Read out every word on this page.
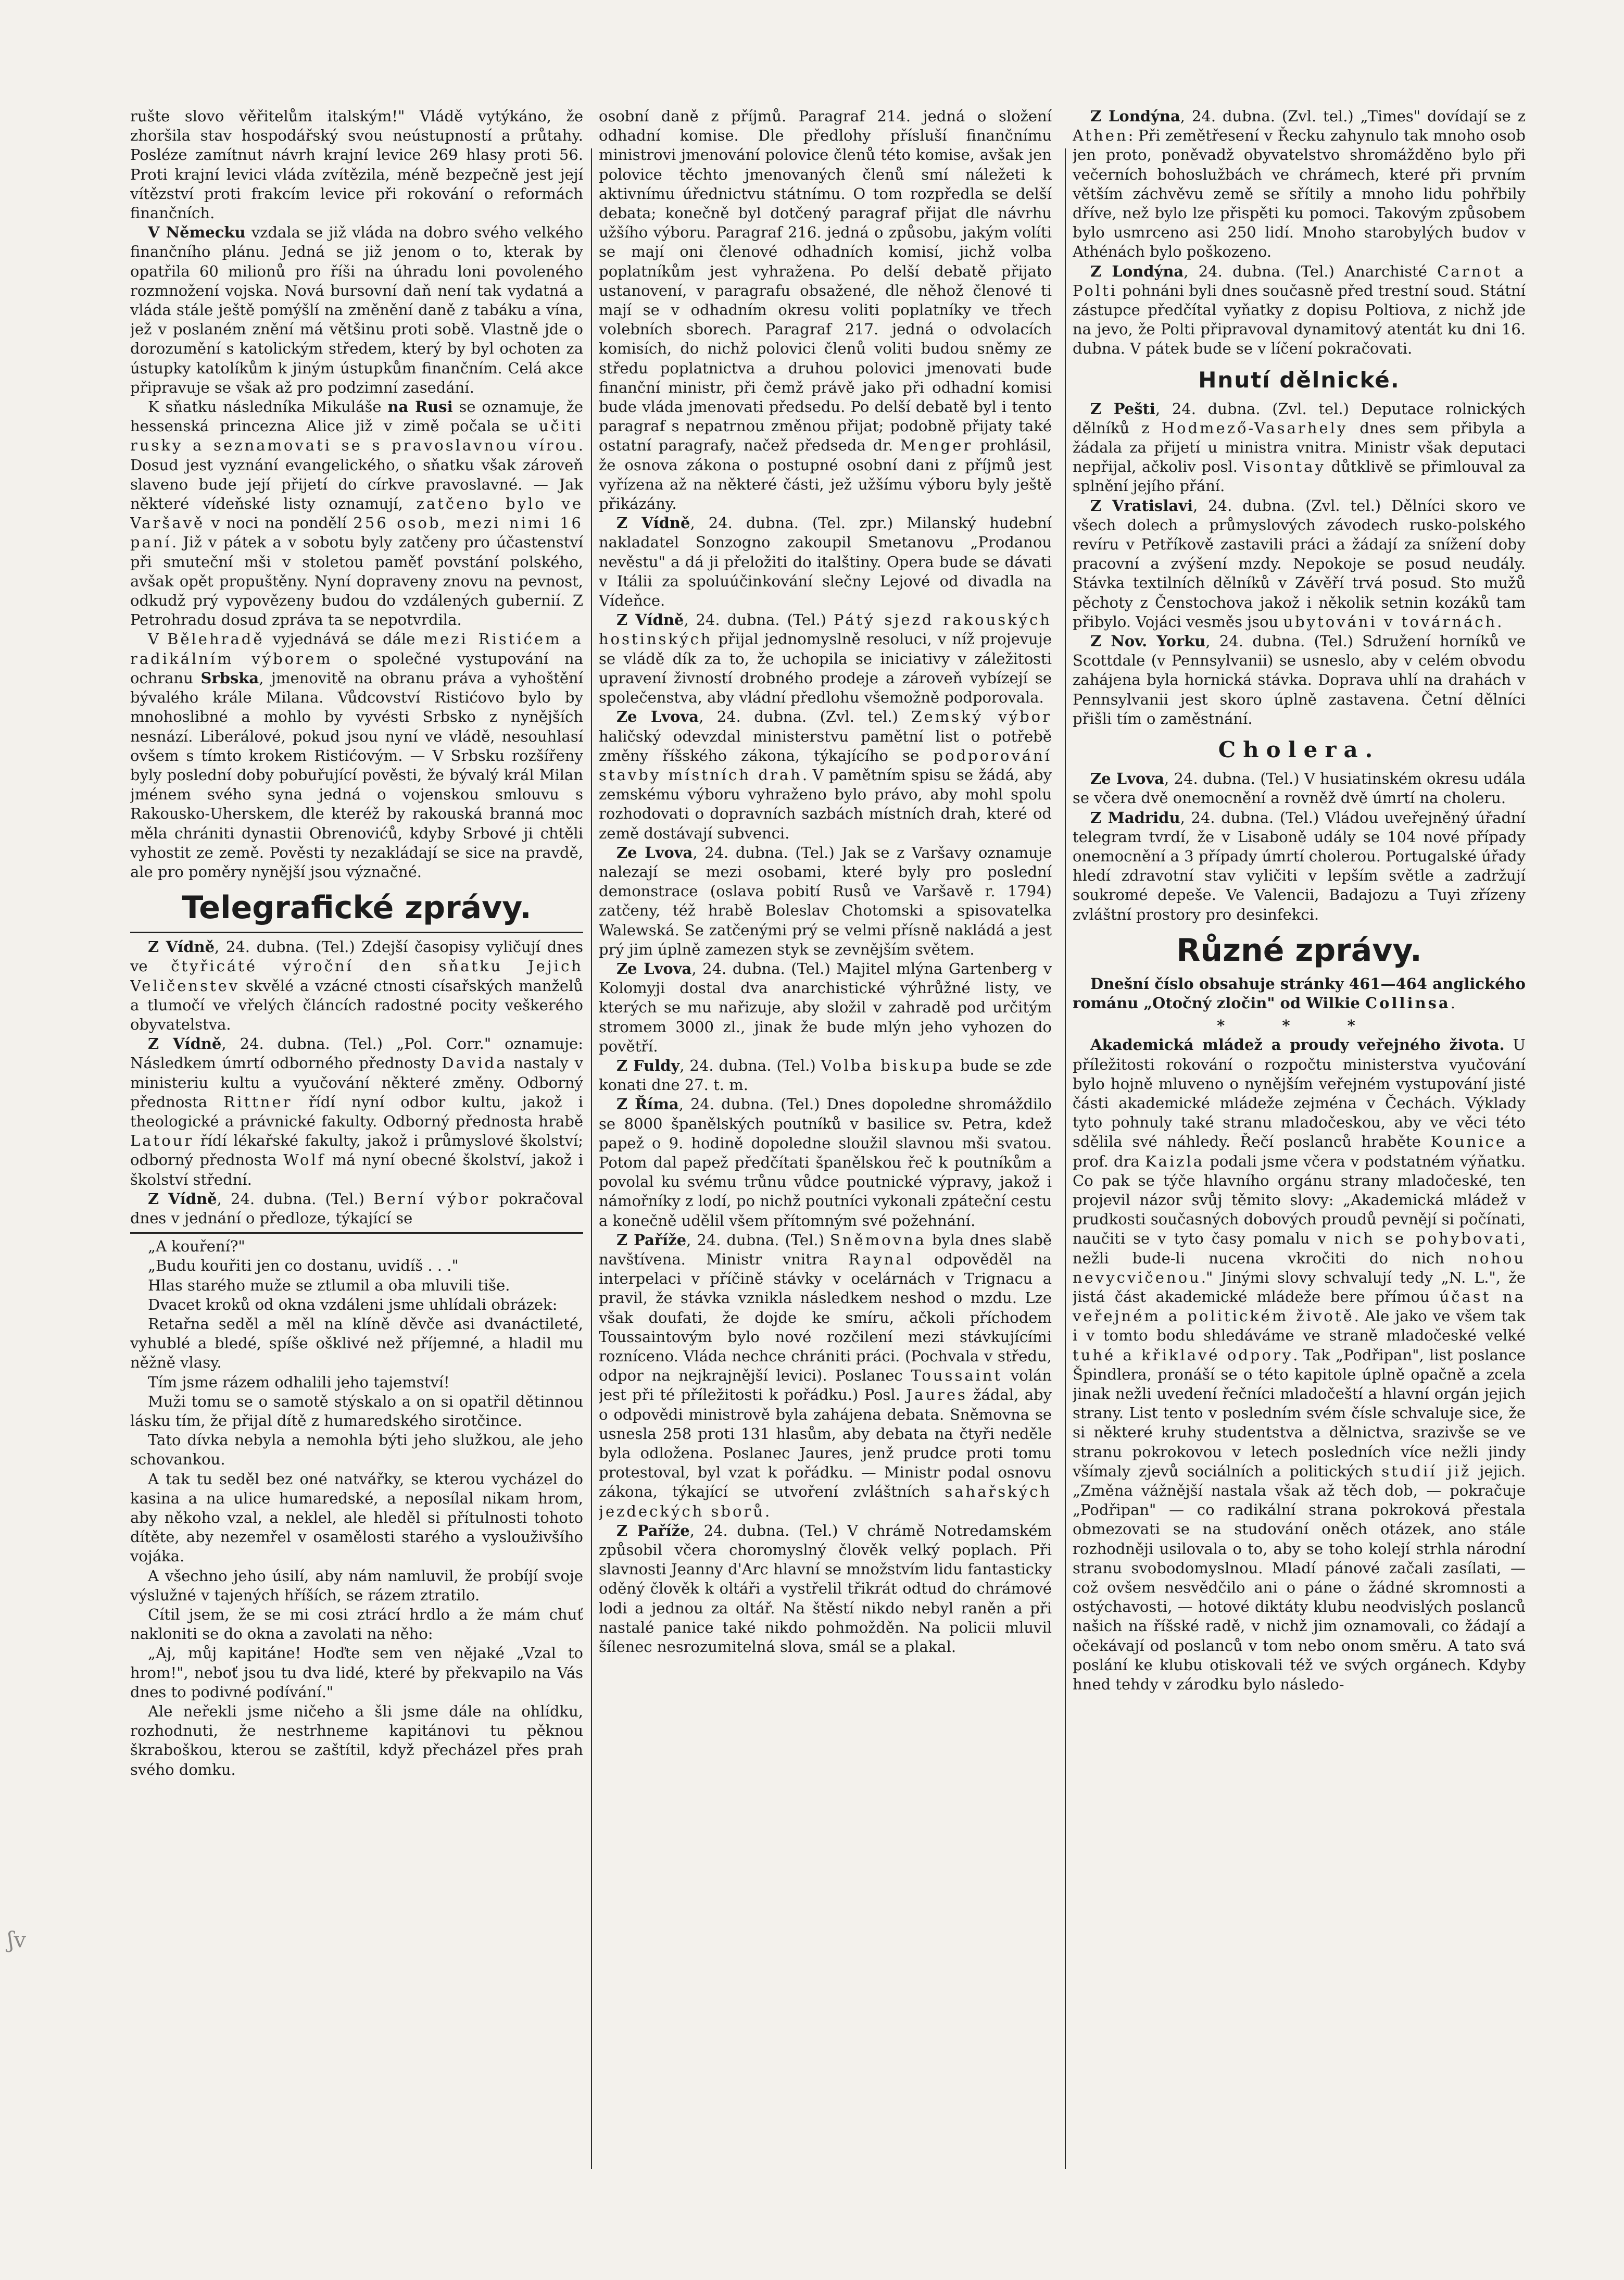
rušte slovo věřitelům italským!" Vládě vytýkáno, že zhoršila stav hospodářský svou neústupností a průtahy. Posléze zamítnut návrh krajní levice 269 hlasy proti 56. Proti krajní levici vláda zvítězila, méně bezpečně jest její vítězství proti frakcím levice při rokování o reformách finančních.

V Německu vzdala se již vláda na dobro svého velkého finančního plánu. Jedná se již jenom o to, kterak by opatřila 60 milionů pro říši na úhradu loni povoleného rozmnožení vojska. Nová bursovní daň není tak vydatná a vláda stále ještě pomýšlí na změnění daně z tabáku a vína, jež v poslaném znění má většinu proti sobě. Vlastně jde o dorozumění s katolickým středem, který by byl ochoten za ústupky katolíkům k jiným ústupkům finančním. Celá akce připravuje se však až pro podzimní zasedání.

K sňatku následníka Mikuláše na Rusi se oznamuje, že hessenská princezna Alice již v zimě počala se učiti rusky a seznamovati se s pravoslavnou vírou. Dosud jest vyznání evangelického, o sňatku však zároveň slaveno bude její přijetí do církve pravoslavné. — Jak některé vídeňské listy oznamují, zatčeno bylo ve Varšavě v noci na pondělí 256 osob, mezi nimi 16 paní. Již v pátek a v sobotu byly zatčeny pro účastenství při smuteční mši v stoletou paměť povstání polského, avšak opět propuštěny. Nyní dopraveny znovu na pevnost, odkudž prý vypovězeny budou do vzdálených gubernií. Z Petrohradu dosud zpráva ta se nepotvrdila.

V Bělehradě vyjednává se dále mezi Ristićem a radikálním výborem o společné vystupování na ochranu Srbska, jmenovitě na obranu práva a vyhoštění bývalého krále Milana. Vůdcovství Ristićovo bylo by mnohoslibné a mohlo by vyvésti Srbsko z nynějších nesnází. Liberálové, pokud jsou nyní ve vládě, nesouhlasí ovšem s tímto krokem Ristićovým. — V Srbsku rozšířeny byly poslední doby pobuřující pověsti, že bývalý král Milan jménem svého syna jedná o vojenskou smlouvu s Rakousko-Uherskem, dle kteréž by rakouská branná moc měla chrániti dynastii Obrenovićů, kdyby Srbové ji chtěli vyhostit ze země. Pověsti ty nezakládají se sice na pravdě, ale pro poměry nynější jsou význačné.

Telegrafické zprávy.

Z Vídně, 24. dubna. (Tel.) Zdejší časopisy vyličují dnes ve čtyřicáté výroční den sňatku Jejich Veličenstev skvělé a vzácné ctnosti císařských manželů a tlumočí ve vřelých článcích radostné pocity veškerého obyvatelstva.

Z Vídně, 24. dubna. (Tel.) „Pol. Corr." oznamuje: Následkem úmrtí odborného přednosty Davida nastaly v ministeriu kultu a vyučování některé změny. Odborný přednosta Rittner řídí nyní odbor kultu, jakož i theologické a právnické fakulty. Odborný přednosta hrabě Latour řídí lékařské fakulty, jakož i průmyslové školství; odborný přednosta Wolf má nyní obecné školství, jakož i školství střední.

Z Vídně, 24. dubna. (Tel.) Berní výbor pokračoval dnes v jednání o předloze, týkající se

„A kouření?"

„Budu kouřiti jen co dostanu, uvidíš . . ."

Hlas starého muže se ztlumil a oba mluvili tiše.

Dvacet kroků od okna vzdáleni jsme uhlídali obrázek:

Retařna seděl a měl na klíně děvče asi dvanáctileté, vyhublé a bledé, spíše ošklivé než příjemné, a hladil mu něžně vlasy.

Tím jsme rázem odhalili jeho tajemství!

Muži tomu se o samotě stýskalo a on si opatřil dětinnou lásku tím, že přijal dítě z humaredského sirotčince.

Tato dívka nebyla a nemohla býti jeho služkou, ale jeho schovankou.

A tak tu seděl bez oné natvářky, se kterou vycházel do kasina a na ulice humaredské, a neposílal nikam hrom, aby někoho vzal, a neklel, ale hleděl si přítulnosti tohoto dítěte, aby nezemřel v osamělosti starého a vyslouživšího vojáka.

A všechno jeho úsilí, aby nám namluvil, že probíjí svoje výslužné v tajených hříších, se rázem ztratilo.

Cítil jsem, že se mi cosi ztrácí hrdlo a že mám chuť nakloniti se do okna a zavolati na něho:

„Aj, můj kapitáne! Hoďte sem ven nějaké „Vzal to hrom!", neboť jsou tu dva lidé, které by překvapilo na Vás dnes to podivné podívání."

Ale neřekli jsme ničeho a šli jsme dále na ohlídku, rozhodnuti, že nestrhneme kapitánovi tu pěknou škraboškou, kterou se zaštítil, když přecházel přes prah svého domku.

osobní daně z příjmů. Paragraf 214. jedná o složení odhadní komise. Dle předlohy přísluší finančnímu ministrovi jmenování polovice členů této komise, avšak jen polovice těchto jmenovaných členů smí náležeti k aktivnímu úřednictvu státnímu. O tom rozpředla se delší debata; konečně byl dotčený paragraf přijat dle návrhu užšího výboru. Paragraf 216. jedná o způsobu, jakým volíti se mají oni členové odhadních komisí, jichž volba poplatníkům jest vyhražena. Po delší debatě přijato ustanovení, v paragrafu obsažené, dle něhož členové ti mají se v odhadním okresu voliti poplatníky ve třech volebních sborech. Paragraf 217. jedná o odvolacích komisích, do nichž polovici členů voliti budou sněmy ze středu poplatnictva a druhou polovici jmenovati bude finanční ministr, při čemž právě jako při odhadní komisi bude vláda jmenovati předsedu. Po delší debatě byl i tento paragraf s nepatrnou změnou přijat; podobně přijaty také ostatní paragrafy, načež předseda dr. Menger prohlásil, že osnova zákona o postupné osobní dani z příjmů jest vyřízena až na některé části, jež užšímu výboru byly ještě přikázány.

Z Vídně, 24. dubna. (Tel. zpr.) Milanský hudební nakladatel Sonzogno zakoupil Smetanovu „Prodanou nevěstu" a dá ji přeložiti do italštiny. Opera bude se dávati v Itálii za spoluúčinkování slečny Lejové od divadla na Vídeňce.

Z Vídně, 24. dubna. (Tel.) Pátý sjezd rakouských hostinských přijal jednomyslně resoluci, v níž projevuje se vládě dík za to, že uchopila se iniciativy v záležitosti upravení živností drobného prodeje a zároveň vybízejí se společenstva, aby vládní předlohu všemožně podporovala.

Ze Lvova, 24. dubna. (Zvl. tel.) Zemský výbor haličský odevzdal ministerstvu pamětní list o potřebě změny říšského zákona, týkajícího se podporování stavby místních drah. V pamětním spisu se žádá, aby zemskému výboru vyhraženo bylo právo, aby mohl spolu rozhodovati o dopravních sazbách místních drah, které od země dostávají subvenci.

Ze Lvova, 24. dubna. (Tel.) Jak se z Varšavy oznamuje nalezají se mezi osobami, které byly pro poslední demonstrace (oslava pobití Rusů ve Varšavě r. 1794) zatčeny, též hrabě Boleslav Chotomski a spisovatelka Walewská. Se zatčenými prý se velmi přísně nakládá a jest prý jim úplně zamezen styk se zevnějším světem.

Ze Lvova, 24. dubna. (Tel.) Majitel mlýna Gartenberg v Kolomyji dostal dva anarchistické výhrůžné listy, ve kterých se mu nařizuje, aby složil v zahradě pod určitým stromem 3000 zl., jinak že bude mlýn jeho vyhozen do povětří.

Z Fuldy, 24. dubna. (Tel.) Volba biskupa bude se zde konati dne 27. t. m.

Z Říma, 24. dubna. (Tel.) Dnes dopoledne shromáždilo se 8000 španělských poutníků v basilice sv. Petra, kdež papež o 9. hodině dopoledne sloužil slavnou mši svatou. Potom dal papež předčítati španělskou řeč k poutníkům a povolal ku svému trůnu vůdce poutnické výpravy, jakož i námořníky z lodí, po nichž poutníci vykonali zpáteční cestu a konečně udělil všem přítomným své požehnání.

Z Paříže, 24. dubna. (Tel.) Sněmovna byla dnes slabě navštívena. Ministr vnitra Raynal odpověděl na interpelaci v příčině stávky v ocelárnách v Trignacu a pravil, že stávka vznikla následkem neshod o mzdu. Lze však doufati, že dojde ke smíru, ačkoli příchodem Toussaintovým bylo nové rozčilení mezi stávkujícími rozníceno. Vláda nechce chrániti práci. (Pochvala v středu, odpor na nejkrajnější levici). Poslanec Toussaint volán jest při té příležitosti k pořádku.) Posl. Jaures žádal, aby o odpovědi ministrově byla zahájena debata. Sněmovna se usnesla 258 proti 131 hlasům, aby debata na čtyři neděle byla odložena. Poslanec Jaures, jenž prudce proti tomu protestoval, byl vzat k pořádku. — Ministr podal osnovu zákona, týkající se utvoření zvláštních sahařských jezdeckých sborů.

Z Paříže, 24. dubna. (Tel.) V chrámě Notredamském způsobil včera choromyslný člověk velký poplach. Při slavnosti Jeanny d'Arc hlavní se množstvím lidu fantasticky oděný člověk k oltáři a vystřelil třikrát odtud do chrámové lodi a jednou za oltář. Na štěstí nikdo nebyl raněn a při nastalé panice také nikdo pohmožděn. Na policii mluvil šílenec nesrozumitelná slova, smál se a plakal.

Z Londýna, 24. dubna. (Zvl. tel.) „Times" dovídají se z Athen: Při zemětřesení v Řecku zahynulo tak mnoho osob jen proto, poněvadž obyvatelstvo shromážděno bylo při večerních bohoslužbách ve chrámech, které při prvním větším záchvěvu země se sřítily a mnoho lidu pohřbily dříve, než bylo lze přispěti ku pomoci. Takovým způsobem bylo usmrceno asi 250 lidí. Mnoho starobylých budov v Athénách bylo poškozeno.

Z Londýna, 24. dubna. (Tel.) Anarchisté Carnot a Polti pohnáni byli dnes současně před trestní soud. Státní zástupce předčítal vyňatky z dopisu Poltiova, z nichž jde na jevo, že Polti připravoval dynamitový atentát ku dni 16. dubna. V pátek bude se v líčení pokračovati.

Hnutí dělnické.

Z Pešti, 24. dubna. (Zvl. tel.) Deputace rolnických dělníků z Hodmező-Vasarhely dnes sem přibyla a žádala za přijetí u ministra vnitra. Ministr však deputaci nepřijal, ačkoliv posl. Visontay důtklivě se přimlouval za splnění jejího přání.

Z Vratislavi, 24. dubna. (Zvl. tel.) Dělníci skoro ve všech dolech a průmyslových závodech rusko-polského revíru v Petříkově zastavili práci a žádají za snížení doby pracovní a zvýšení mzdy. Nepokoje se posud neudály. Stávka textilních dělníků v Závěří trvá posud. Sto mužů pěchoty z Čenstochova jakož i několik setnin kozáků tam přibylo. Vojáci vesměs jsou ubytováni v továrnách.

Z Nov. Yorku, 24. dubna. (Tel.) Sdružení horníků ve Scottdale (v Pennsylvanii) se usneslo, aby v celém obvodu zahájena byla hornická stávka. Doprava uhlí na drahách v Pennsylvanii jest skoro úplně zastavena. Četní dělníci přišli tím o zaměstnání.

Cholera.

Ze Lvova, 24. dubna. (Tel.) V husiatinském okresu udála se včera dvě onemocnění a rovněž dvě úmrtí na choleru.

Z Madridu, 24. dubna. (Tel.) Vládou uveřejněný úřadní telegram tvrdí, že v Lisaboně udály se 104 nové případy onemocnění a 3 případy úmrtí cholerou. Portugalské úřady hledí zdravotní stav vyličiti v lepším světle a zadržují soukromé depeše. Ve Valencii, Badajozu a Tuyi zřízeny zvláštní prostory pro desinfekci.

Různé zprávy.

Dnešní číslo obsahuje stránky 461—464 anglického románu „Otočný zločin" od Wilkie Collinsa.

* * *

Akademická mládež a proudy veřejného života. U příležitosti rokování o rozpočtu ministerstva vyučování bylo hojně mluveno o nynějším veřejném vystupování jisté části akademické mládeže zejména v Čechách. Výklady tyto pohnuly také stranu mladočeskou, aby ve věci této sdělila své náhledy. Řečí poslanců hraběte Kounice a prof. dra Kaizla podali jsme včera v podstatném výňatku. Co pak se týče hlavního orgánu strany mladočeské, ten projevil názor svůj těmito slovy: „Akademická mládež v prudkosti současných dobových proudů pevnějí si počínati, naučiti se v tyto časy pomalu v nich se pohybovati, nežli bude-li nucena vkročiti do nich nohou nevycvičenou." Jinými slovy schvalují tedy „N. L.", že jistá část akademické mládeže bere přímou účast na veřejném a politickém životě. Ale jako ve všem tak i v tomto bodu shledáváme ve straně mladočeské velké tuhé a křiklavé odpory. Tak „Podřipan", list poslance Špindlera, pronáší se o této kapitole úplně opačně a zcela jinak nežli uvedení řečníci mladočeští a hlavní orgán jejich strany. List tento v posledním svém čísle schvaluje sice, že si některé kruhy studentstva a dělnictva, srazivše se ve stranu pokrokovou v letech posledních více nežli jindy všímaly zjevů sociálních a politických studií již jejich. „Změna vážnější nastala však až těch dob, — pokračuje „Podřipan" — co radikální strana pokroková přestala obmezovati se na studování oněch otázek, ano stále rozhodněji usilovala o to, aby se toho kolejí strhla národní stranu svobodomyslnou. Mladí pánové začali zasílati, — což ovšem nesvědčilo ani o páne o žádné skromnosti a ostýchavosti, — hotové diktáty klubu neodvislých poslanců našich na říšské radě, v nichž jim oznamovali, co žádají a očekávají od poslanců v tom nebo onom směru. A tato svá poslání ke klubu otiskovali též ve svých orgánech. Kdyby hned tehdy v zárodku bylo následo-

ʃv
